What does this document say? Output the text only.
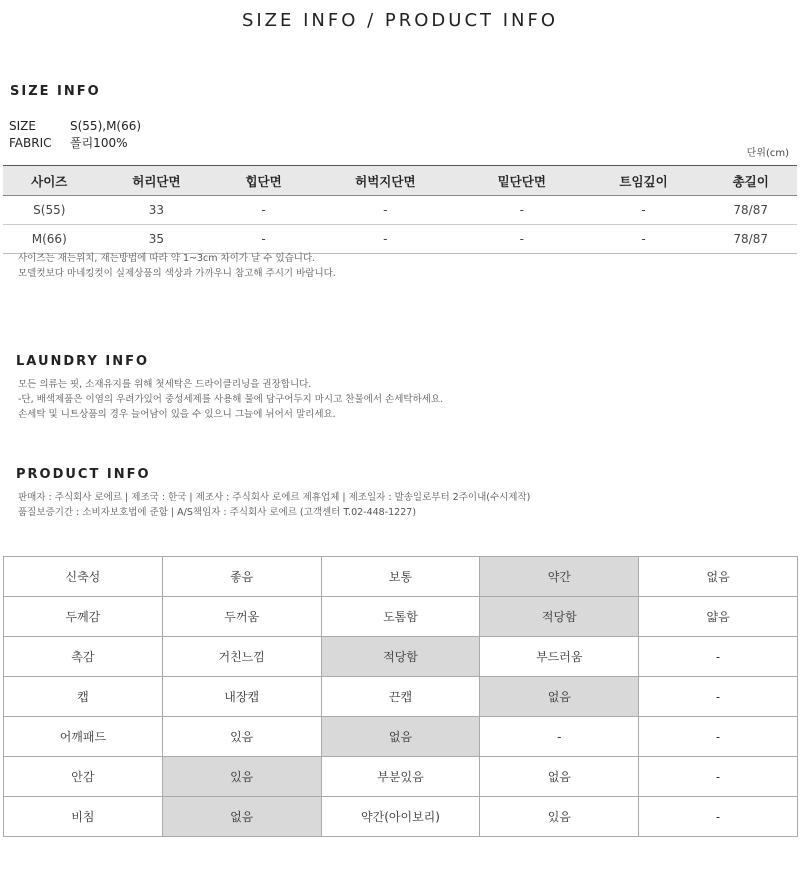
SIZE INFO / PRODUCT INFO
SIZE INFO
SIZE	S(55),M(66)
FABRIC 폴리100%
단위(cm)
사이즈	허리단면	힙단면	허벅지단면	밑단단면	트임깊이	총길이
S(55)	33	-	-	-	-	78/87
M(66)	35	-	-	-	-	78/87
사이즈는 재는위치, 재는방법에 따라 약 1~3cm 차이가 날 수 있습니다.
모델컷보다 마네킹컷이 실제상품의 색상과 가까우니 참고해 주시기 바랍니다.
LAUNDRY INFO
모든 의류는 핏, 소재유지를 위해 첫세탁은 드라이클리닝을 권장합니다.
-단, 배색제품은 이염의 우려가있어 중성세제를 사용해 물에 담구어두지 마시고 찬물에서 손세탁하세요.
손세탁 및 니트상품의 경우 늘어남이 있을 수 있으니 그늘에 뉘어서 말리세요.
PRODUCT INFO
판매자 : 주식회사 로에르 | 제조국 : 한국 | 제조사 : 주식회사 로에르 제휴업체 | 제조일자 : 발송일로부터 2주이내(수시제작)
품질보증기간 : 소비자보호법에 준함 | A/S책임자 : 주식회사 로에르 (고객센터 T.02-448-1227)
신축성	좋음	보통	약간	없음
두께감	두꺼움	도톰함	적당함	얇음
촉감	거친느낌	적당함	부드러움	-
캡	내장캡	끈캡	없음	-
어깨패드	있음	없음	-	-
안감	있음	부분있음	없음	-
비침	없음	약간(아이보리)	있음	-
